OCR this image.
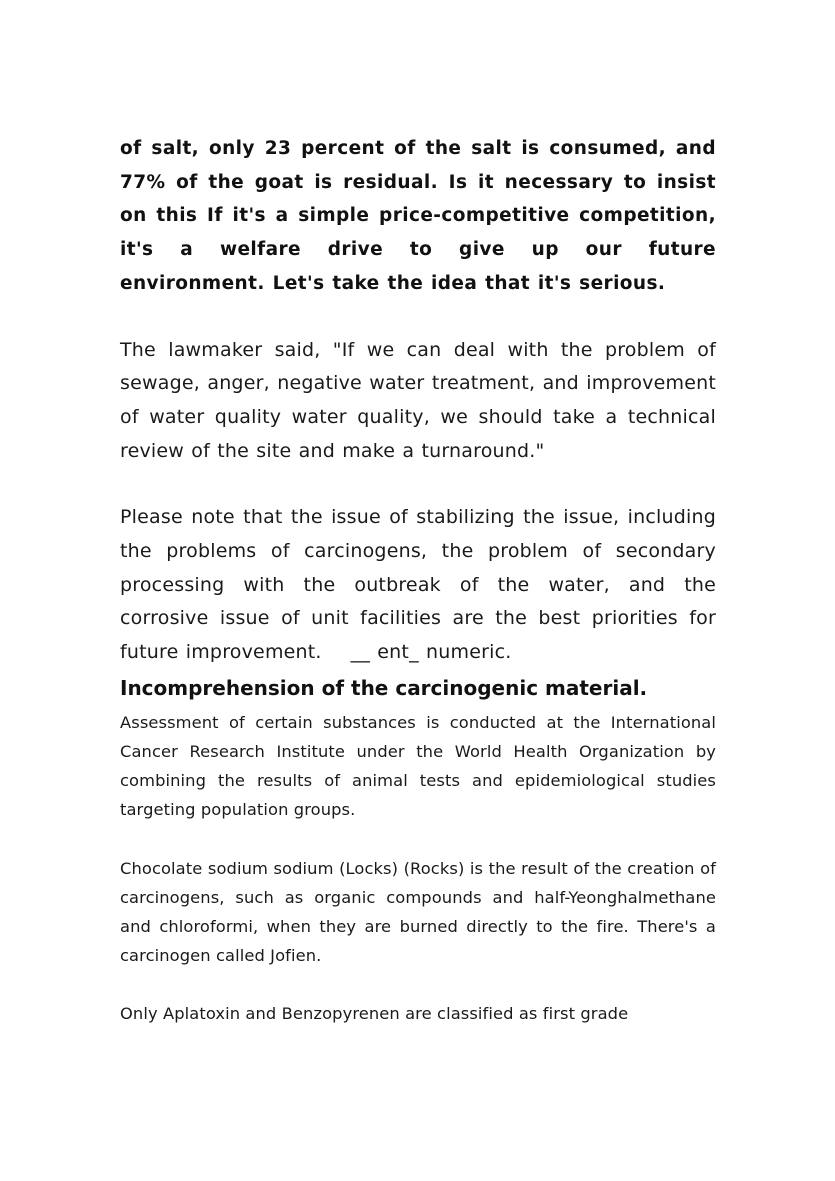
of salt, only 23 percent of the salt is consumed, and 77% of the goat is residual. Is it necessary to insist on this If it's a simple price-competitive competition, it's a welfare drive to give up our future environment. Let's take the idea that it's serious.

The lawmaker said, "If we can deal with the problem of sewage, anger, negative water treatment, and improvement of water quality water quality, we should take a technical review of the site and make a turnaround."

Please note that the issue of stabilizing the issue, including the problems of carcinogens, the problem of secondary processing with the outbreak of the water, and the corrosive issue of unit facilities are the best priorities for future improvement.    __ ent_ numeric.

Incomprehension of the carcinogenic material.

Assessment of certain substances is conducted at the International Cancer Research Institute under the World Health Organization by combining the results of animal tests and epidemiological studies targeting population groups.

Chocolate sodium sodium (Locks) (Rocks) is the result of the creation of carcinogens, such as organic compounds and half-Yeonghalmethane and chloroformi, when they are burned directly to the fire. There's a carcinogen called Jofien.

Only Aplatoxin and Benzopyrenen are classified as first grade
